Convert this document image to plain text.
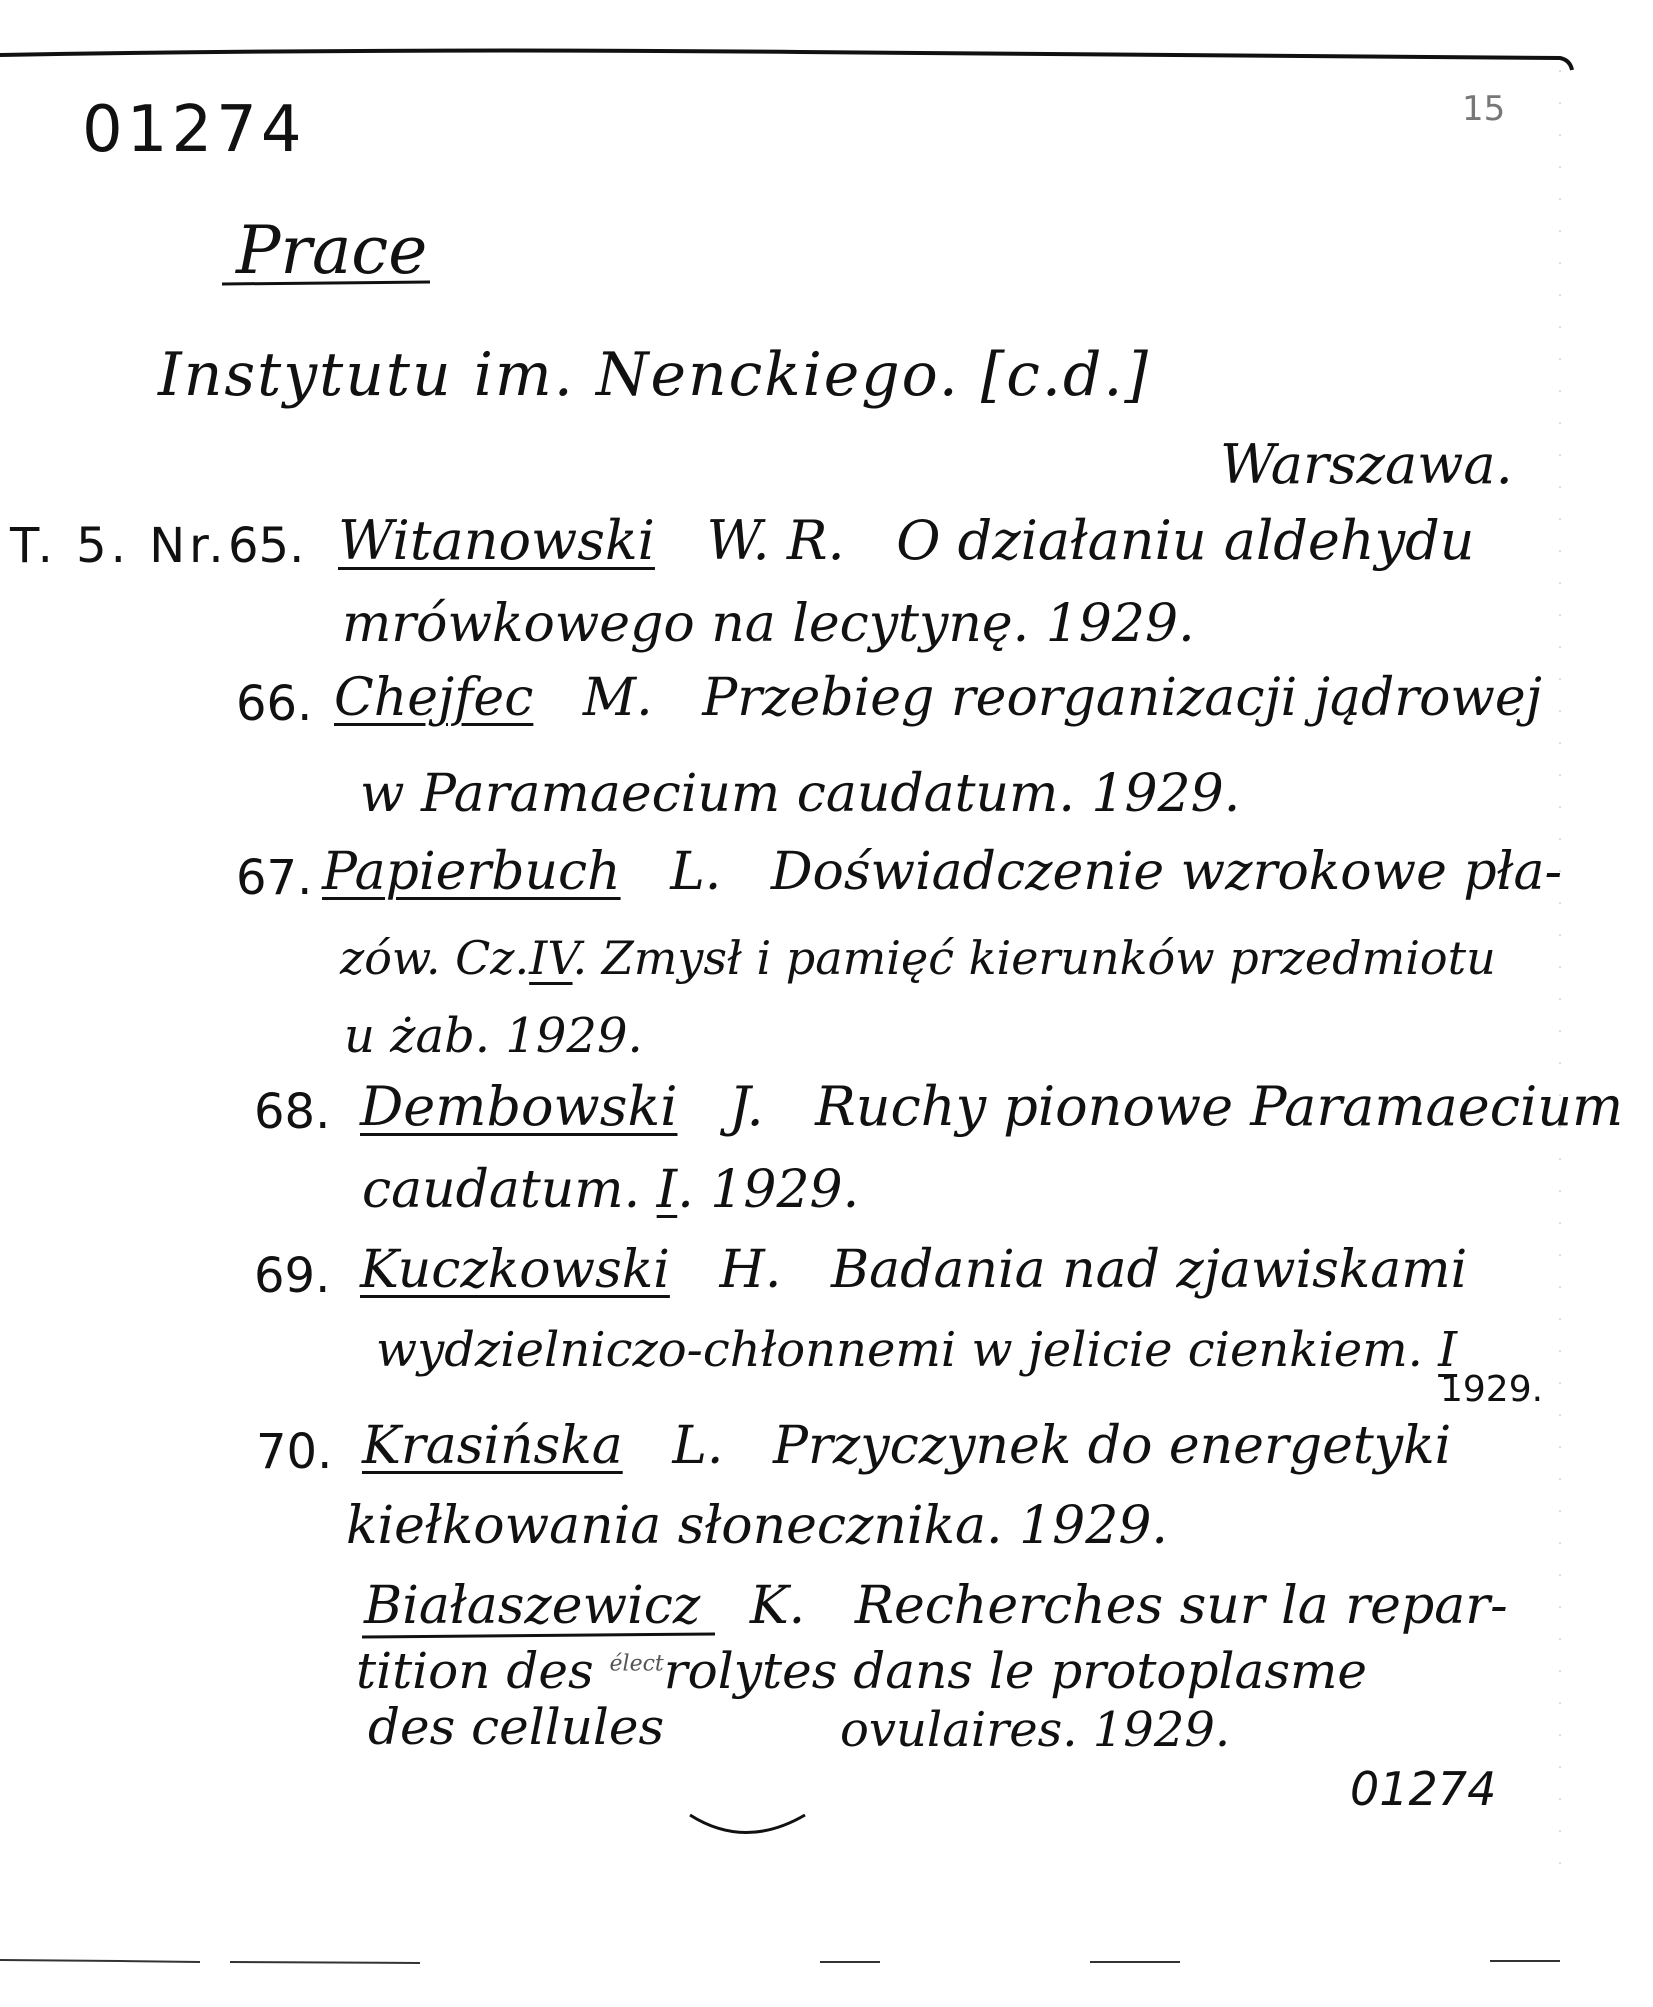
01274	15
Prace
Instytutu im. Nenckiego. [c.d.]
Warszawa.
T. 5. Nr. 65. Witanowski W. R. O działaniu aldehydu
mrówkowego na lecytynę. 1929.
66. Chejfec M. Przebieg reorganizacji jądrowej
w Paramaecium caudatum. 1929.
67. Papierbuch L. Doświadczenie wzrokowe pła-
zów. Cz.IV. Zmysł i pamięć kierunków przedmiotu
u żab. 1929.
68. Dembowski J. Ruchy pionowe Paramaecium
caudatum. I. 1929.
69. Kuczkowski H. Badania nad zjawiskami
wydzielniczo-chłonnemi w jelicie cienkiem. I
1929.
70. Krasińska L. Przyczynek do energetyki
kiełkowania słonecznika. 1929.
Białaszewicz K. Recherches sur la repar-
tition des $^{élect}$rolytes dans le protoplasme
des cellules	ovulaires. 1929.
01274
